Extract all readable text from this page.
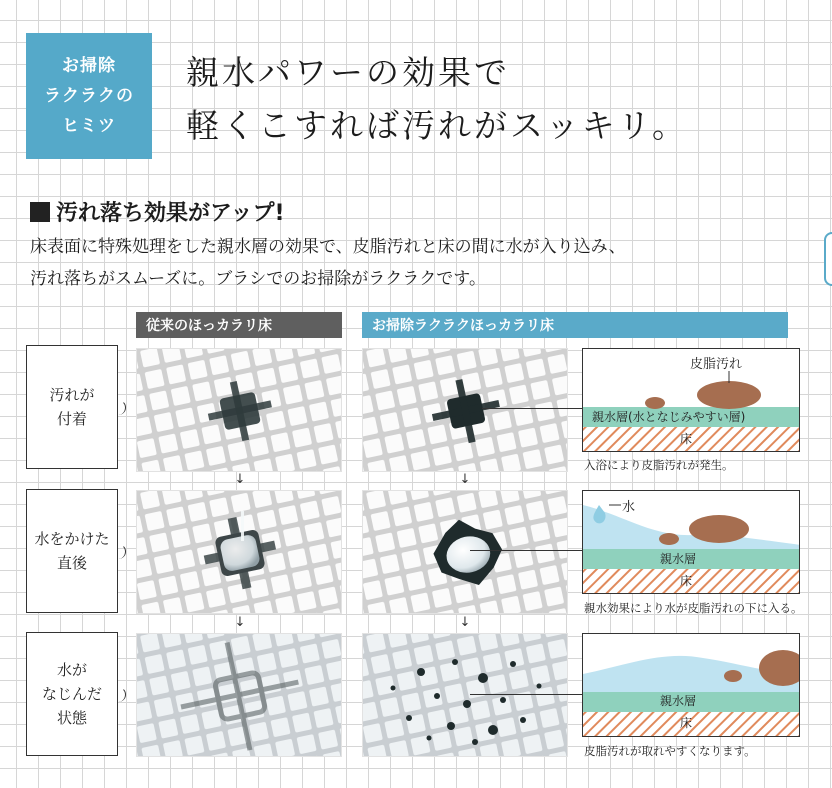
お掃除
ラクラクの
ヒミツ
親水パワーの効果で
軽くこすれば汚れがスッキリ。
汚れ落ち効果がアップ!
床表面に特殊処理をした親水層の効果で、皮脂汚れと床の間に水が入り込み、
汚れ落ちがスムーズに。ブラシでのお掃除がラクラクです。
従来のほっカラリ床	お掃除ラクラクほっカラリ床
汚れが
付着
水をかけた
直後
水が
なじんだ
状態
↓	↓
↓	↓
皮脂汚れ
親水層(水となじみやすい層)
床
入浴により皮脂汚れが発生。
水
親水層
床
親水効果により水が皮脂汚れの下に入る。
親水層
床
皮脂汚れが取れやすくなります。
